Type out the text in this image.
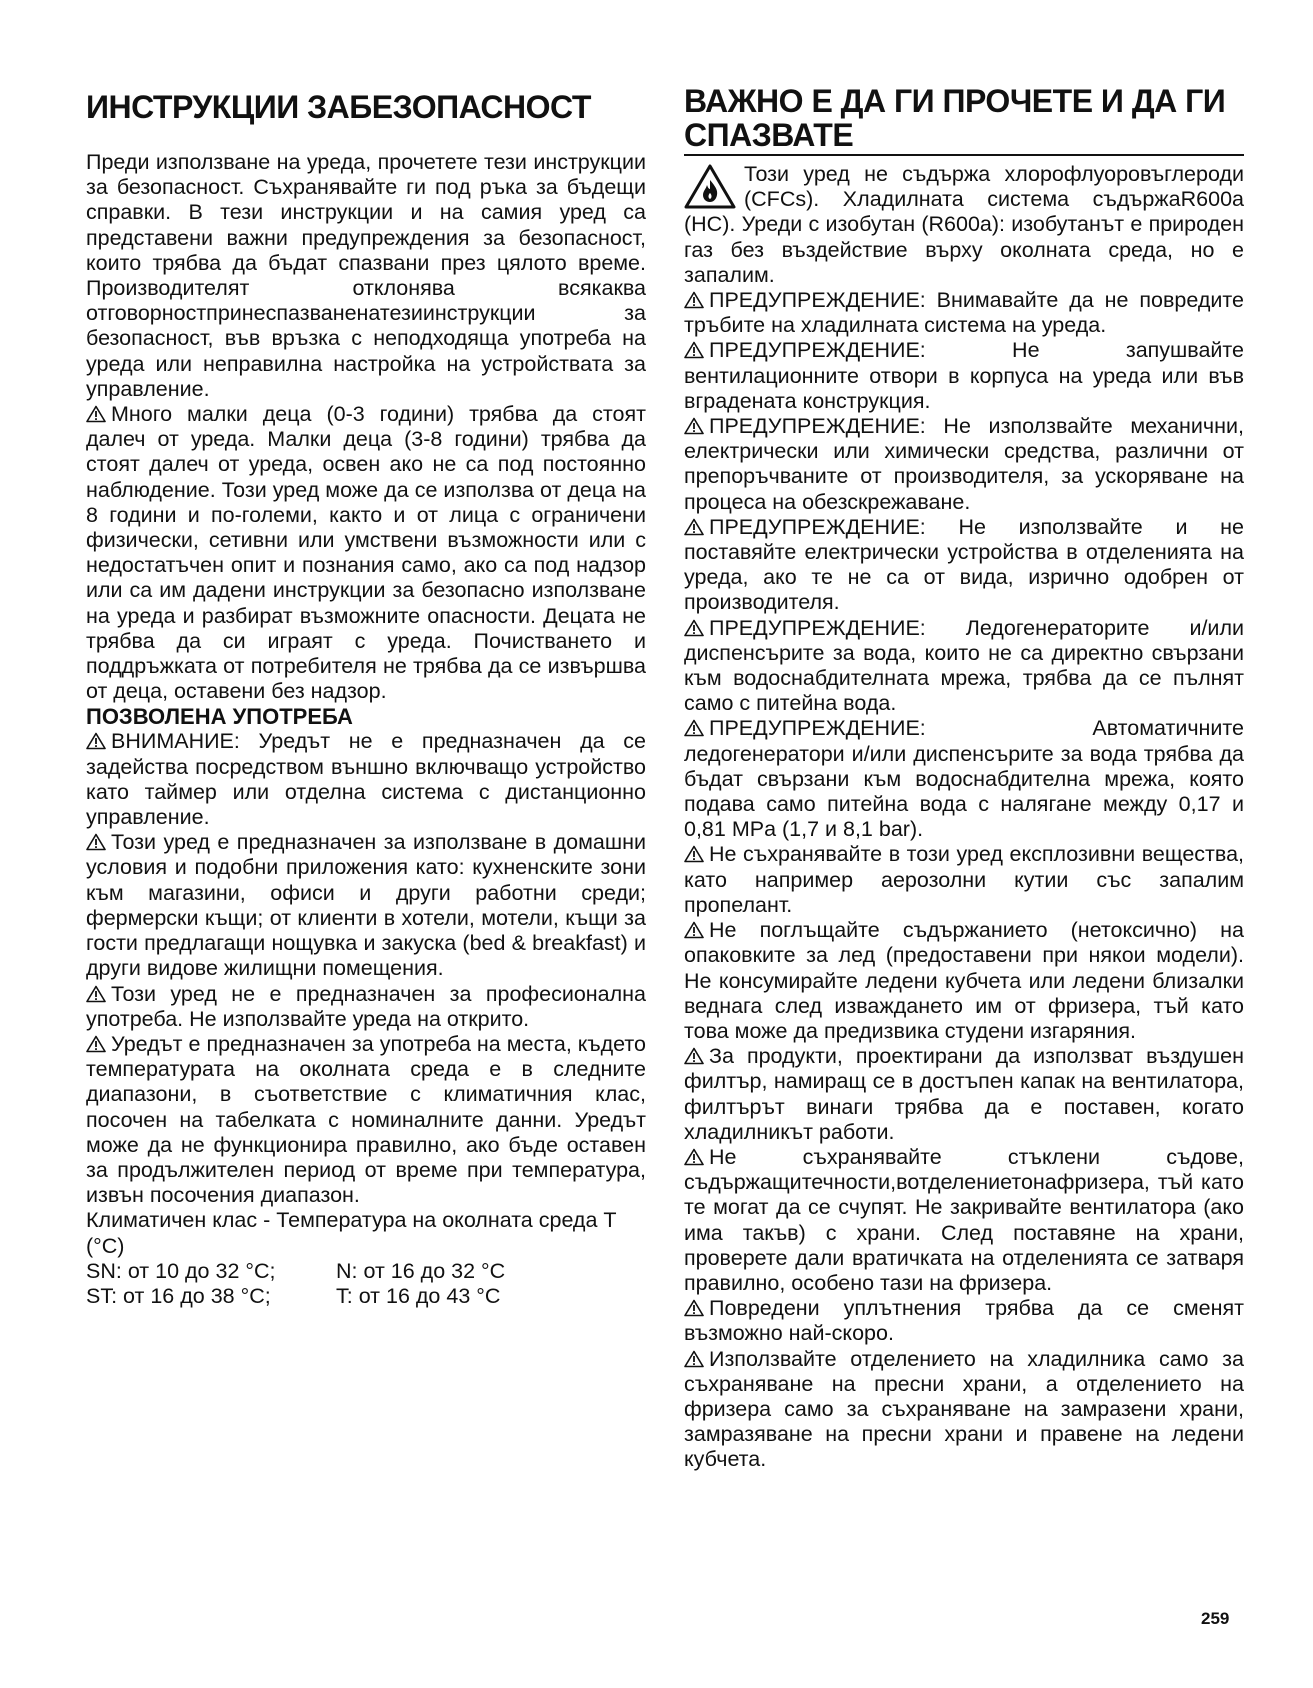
ИНСТРУКЦИИ ЗАБЕЗОПАСНОСТ

Преди използване на уреда, прочетете тези инструкции за безопасност. Съхранявайте ги под ръка за бъдещи справки. В тези инструкции и на самия уред са представени важни предупреждения за безопасност, които трябва да бъдат спазвани през цялото време. Производителят отклонява всякаква отговорностпринеспазваненатезиинструкции за безопасност, във връзка с неподходяща употреба на уреда или неправилна настройка на устройствата за управление.

Много малки деца (0-3 години) трябва да стоят далеч от уреда. Малки деца (3-8 години) трябва да стоят далеч от уреда, освен ако не са под постоянно наблюдение. Този уред може да се използва от деца на 8 години и по-големи, както и от лица с ограничени физически, сетивни или умствени възможности или с недостатъчен опит и познания само, ако са под надзор или са им дадени инструкции за безопасно използване на уреда и разбират възможните опасности. Децата не трябва да си играят с уреда. Почистването и поддръжката от потребителя не трябва да се извършва от деца, оставени без надзор.

ПОЗВОЛЕНА УПОТРЕБА

ВНИМАНИЕ: Уредът не е предназначен да се задейства посредством външно включващо устройство като таймер или отделна система с дистанционно управление.

Този уред е предназначен за използване в домашни условия и подобни приложения като: кухненските зони към магазини, офиси и други работни среди; фермерски къщи; от клиенти в хотели, мотели, къщи за гости предлагащи нощувка и закуска (bed & breakfast) и други видове жилищни помещения.

Този уред не е предназначен за професионална употреба. Не използвайте уреда на открито.

Уредът е предназначен за употреба на места, където температурата на околната среда е в следните диапазони, в съответствие с климатичния клас, посочен на табелката с номиналните данни. Уредът може да не функционира правилно, ако бъде оставен за продължителен период от време при температура, извън посочения диапазон.

Климатичен клас - Температура на околната среда T (°C)

SN: от 10 до 32 °C;	N: от 16 до 32 °C
ST: от 16 до 38 °C;	T: от 16 до 43 °C
ВАЖНО Е ДА ГИ ПРОЧЕТЕ И ДА ГИ СПАЗВАТЕ

Този уред не съдържа хлорофлуоровъглероди (CFCs). Хладилната система съдържаR600a (HC). Уреди с изобутан (R600a): изобутанът е природен газ без въздействие върху околната среда, но е запалим.

ПРЕДУПРЕЖДЕНИЕ: Внимавайте да не повредите тръбите на хладилната система на уреда.

ПРЕДУПРЕЖДЕНИЕ: Не запушвайте вентилационните отвори в корпуса на уреда или във вградената конструкция.

ПРЕДУПРЕЖДЕНИЕ: Не използвайте механични, електрически или химически средства, различни от препоръчваните от производителя, за ускоряване на процеса на обезскрежаване.

ПРЕДУПРЕЖДЕНИЕ: Не използвайте и не поставяйте електрически устройства в отделенията на уреда, ако те не са от вида, изрично одобрен от производителя.

ПРЕДУПРЕЖДЕНИЕ: Ледогенераторите и/или диспенсърите за вода, които не са директно свързани към водоснабдителната мрежа, трябва да се пълнят само с питейна вода.

ПРЕДУПРЕЖДЕНИЕ: Автоматичните ледогенератори и/или диспенсърите за вода трябва да бъдат свързани към водоснабдителна мрежа, която подава само питейна вода с налягане между 0,17 и 0,81 MPa (1,7 и 8,1 bar).

Не съхранявайте в този уред експлозивни вещества, като например аерозолни кутии със запалим пропелант.

Не поглъщайте съдържанието (нетоксично) на опаковките за лед (предоставени при някои модели). Не консумирайте ледени кубчета или ледени близалки веднага след изваждането им от фризера, тъй като това може да предизвика студени изгаряния.

За продукти, проектирани да използват въздушен филтър, намиращ се в достъпен капак на вентилатора, филтърът винаги трябва да е поставен, когато хладилникът работи.

Не съхранявайте стъклени съдове, съдържащитечности,вотделениетонафризера, тъй като те могат да се счупят. Не закривайте вентилатора (ако има такъв) с храни. След поставяне на храни, проверете дали вратичката на отделенията се затваря правилно, особено тази на фризера.

Повредени уплътнения трябва да се сменят възможно най-скоро.

Използвайте отделението на хладилника само за съхраняване на пресни храни, а отделението на фризера само за съхраняване на замразени храни, замразяване на пресни храни и правене на ледени кубчета.

259
